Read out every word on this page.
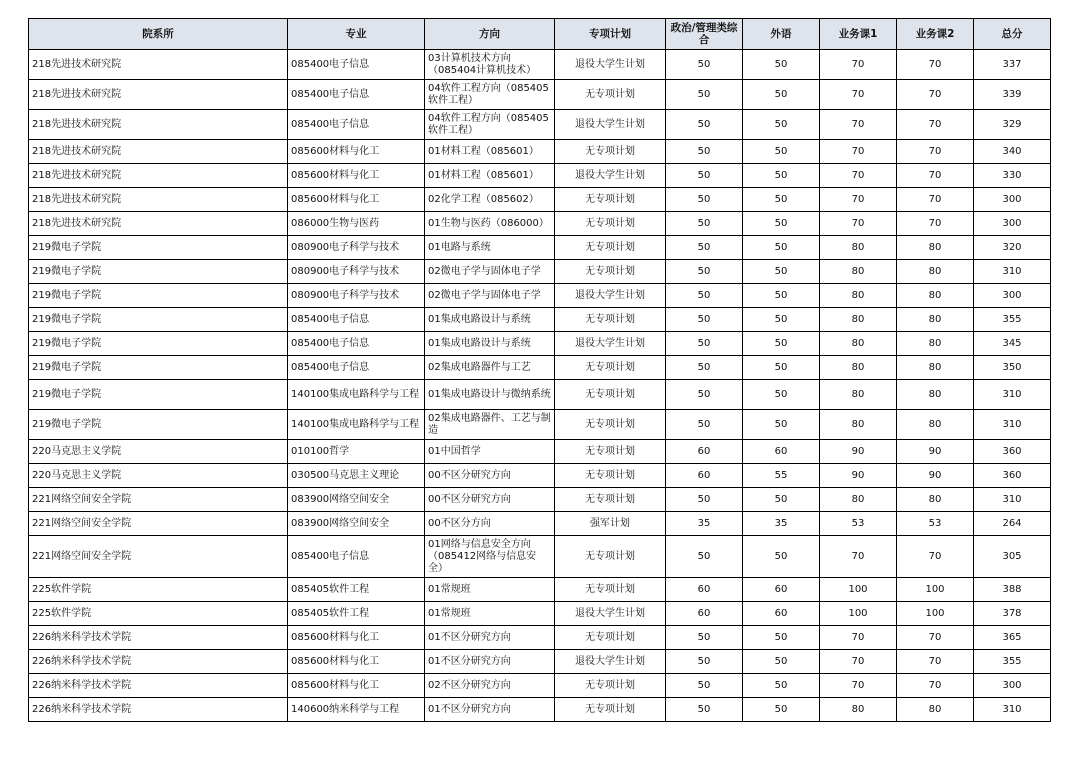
院系所	专业	方向	专项计划	政治/管理类综合	外语	业务课1	业务课2	总分
218先进技术研究院	085400电子信息	03计算机技术方向（085404计算机技术）	退役大学生计划	50	50	70	70	337
218先进技术研究院	085400电子信息	04软件工程方向（085405软件工程）	无专项计划	50	50	70	70	339
218先进技术研究院	085400电子信息	04软件工程方向（085405软件工程）	退役大学生计划	50	50	70	70	329
218先进技术研究院	085600材料与化工	01材料工程（085601）	无专项计划	50	50	70	70	340
218先进技术研究院	085600材料与化工	01材料工程（085601）	退役大学生计划	50	50	70	70	330
218先进技术研究院	085600材料与化工	02化学工程（085602）	无专项计划	50	50	70	70	300
218先进技术研究院	086000生物与医药	01生物与医药（086000）	无专项计划	50	50	70	70	300
219微电子学院	080900电子科学与技术	01电路与系统	无专项计划	50	50	80	80	320
219微电子学院	080900电子科学与技术	02微电子学与固体电子学	无专项计划	50	50	80	80	310
219微电子学院	080900电子科学与技术	02微电子学与固体电子学	退役大学生计划	50	50	80	80	300
219微电子学院	085400电子信息	01集成电路设计与系统	无专项计划	50	50	80	80	355
219微电子学院	085400电子信息	01集成电路设计与系统	退役大学生计划	50	50	80	80	345
219微电子学院	085400电子信息	02集成电路器件与工艺	无专项计划	50	50	80	80	350
219微电子学院	140100集成电路科学与工程	01集成电路设计与微纳系统	无专项计划	50	50	80	80	310
219微电子学院	140100集成电路科学与工程	02集成电路器件、工艺与制造	无专项计划	50	50	80	80	310
220马克思主义学院	010100哲学	01中国哲学	无专项计划	60	60	90	90	360
220马克思主义学院	030500马克思主义理论	00不区分研究方向	无专项计划	60	55	90	90	360
221网络空间安全学院	083900网络空间安全	00不区分研究方向	无专项计划	50	50	80	80	310
221网络空间安全学院	083900网络空间安全	00不区分方向	强军计划	35	35	53	53	264
221网络空间安全学院	085400电子信息	01网络与信息安全方向（085412网络与信息安全）	无专项计划	50	50	70	70	305
225软件学院	085405软件工程	01常规班	无专项计划	60	60	100	100	388
225软件学院	085405软件工程	01常规班	退役大学生计划	60	60	100	100	378
226纳米科学技术学院	085600材料与化工	01不区分研究方向	无专项计划	50	50	70	70	365
226纳米科学技术学院	085600材料与化工	01不区分研究方向	退役大学生计划	50	50	70	70	355
226纳米科学技术学院	085600材料与化工	02不区分研究方向	无专项计划	50	50	70	70	300
226纳米科学技术学院	140600纳米科学与工程	01不区分研究方向	无专项计划	50	50	80	80	310
